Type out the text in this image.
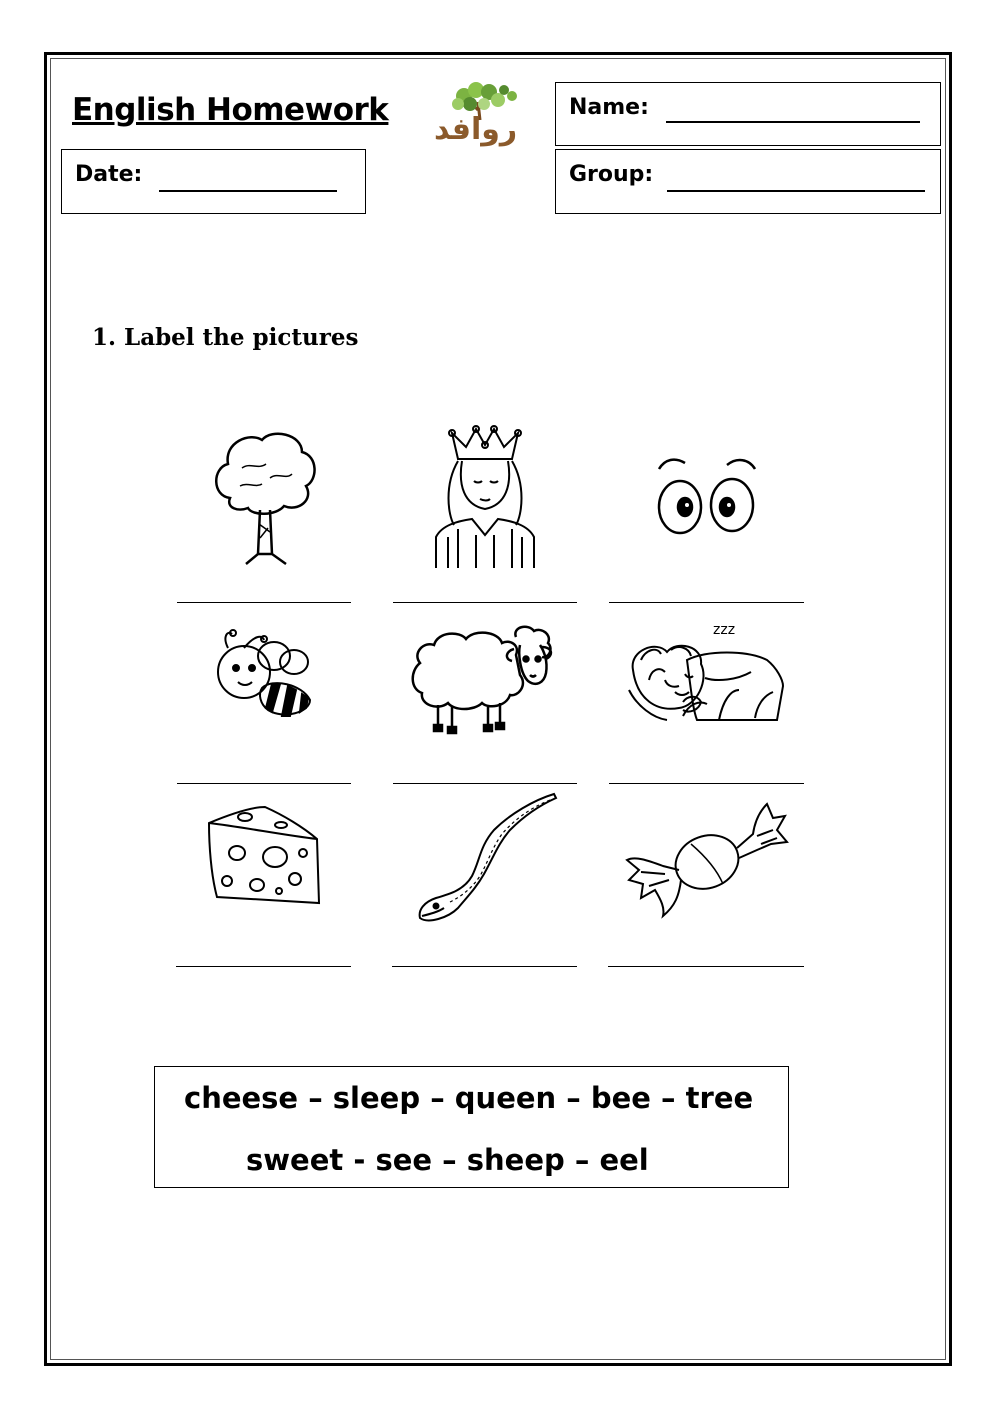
English Homework
روافد
Date:
Name:
Group:
1. Label the pictures
zzz
cheese – sleep – queen – bee – tree
sweet - see – sheep – eel
